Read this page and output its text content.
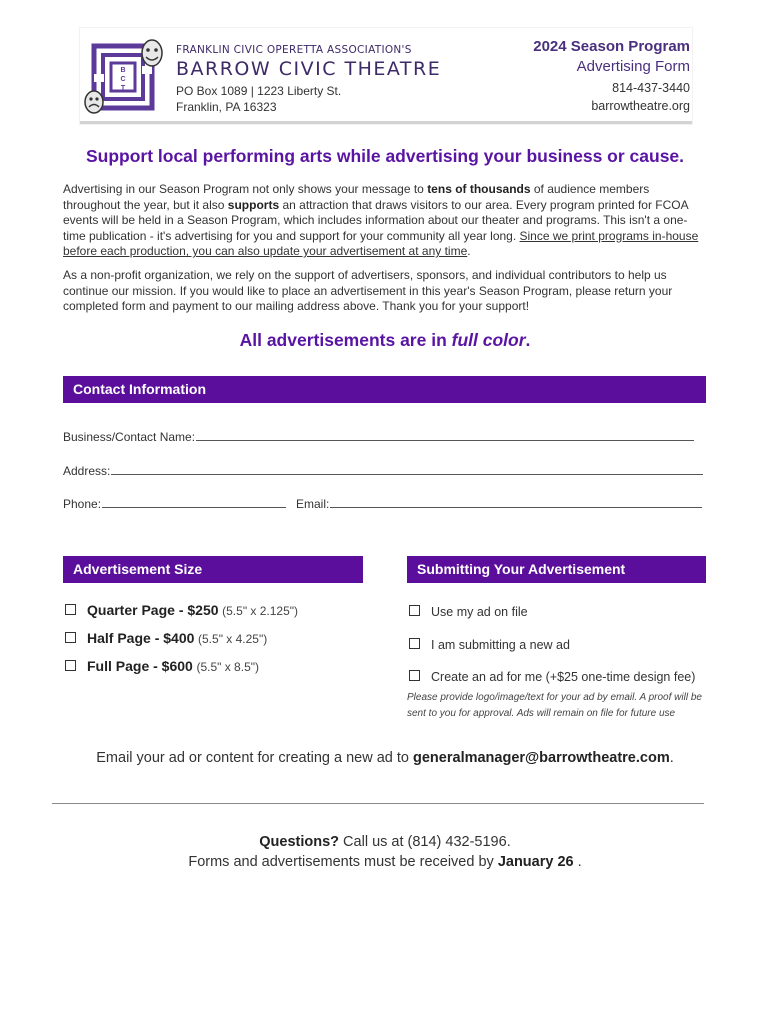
B
C
T
FRANKLIN CIVIC OPERETTA ASSOCIATION'S
BARROW CIVIC THEATRE
PO Box 1089 | 1223 Liberty St.
Franklin, PA 16323
2024 Season Program
Advertising Form
814-437-3440
barrowtheatre.org
Support local performing arts while advertising your business or cause.
Advertising in our Season Program not only shows your message to tens of thousands of audience members throughout the year, but it also supports an attraction that draws visitors to our area. Every program printed for FCOA events will be held in a Season Program, which includes information about our theater and programs. This isn't a one-time publication - it's advertising for you and support for your community all year long. Since we print programs in-house before each production, you can also update your advertisement at any time.
As a non-profit organization, we rely on the support of advertisers, sponsors, and individual contributors to help us continue our mission. If you would like to place an advertisement in this year's Season Program, please return your completed form and payment to our mailing address above. Thank you for your support!
All advertisements are in full color.
Contact Information
Business/Contact Name:
Address:
Phone:	Email:
Advertisement Size	Submitting Your Advertisement
Quarter Page - $250 (5.5" x 2.125")
Half Page - $400 (5.5" x 4.25")
Full Page - $600 (5.5" x 8.5")
Use my ad on file
I am submitting a new ad
Create an ad for me (+$25 one-time design fee)
Please provide logo/image/text for your ad by email. A proof will be sent to you for approval. Ads will remain on file for future use
Email your ad or content for creating a new ad to generalmanager@barrowtheatre.com.
Questions? Call us at (814) 432-5196.
Forms and advertisements must be received by January 26 .
